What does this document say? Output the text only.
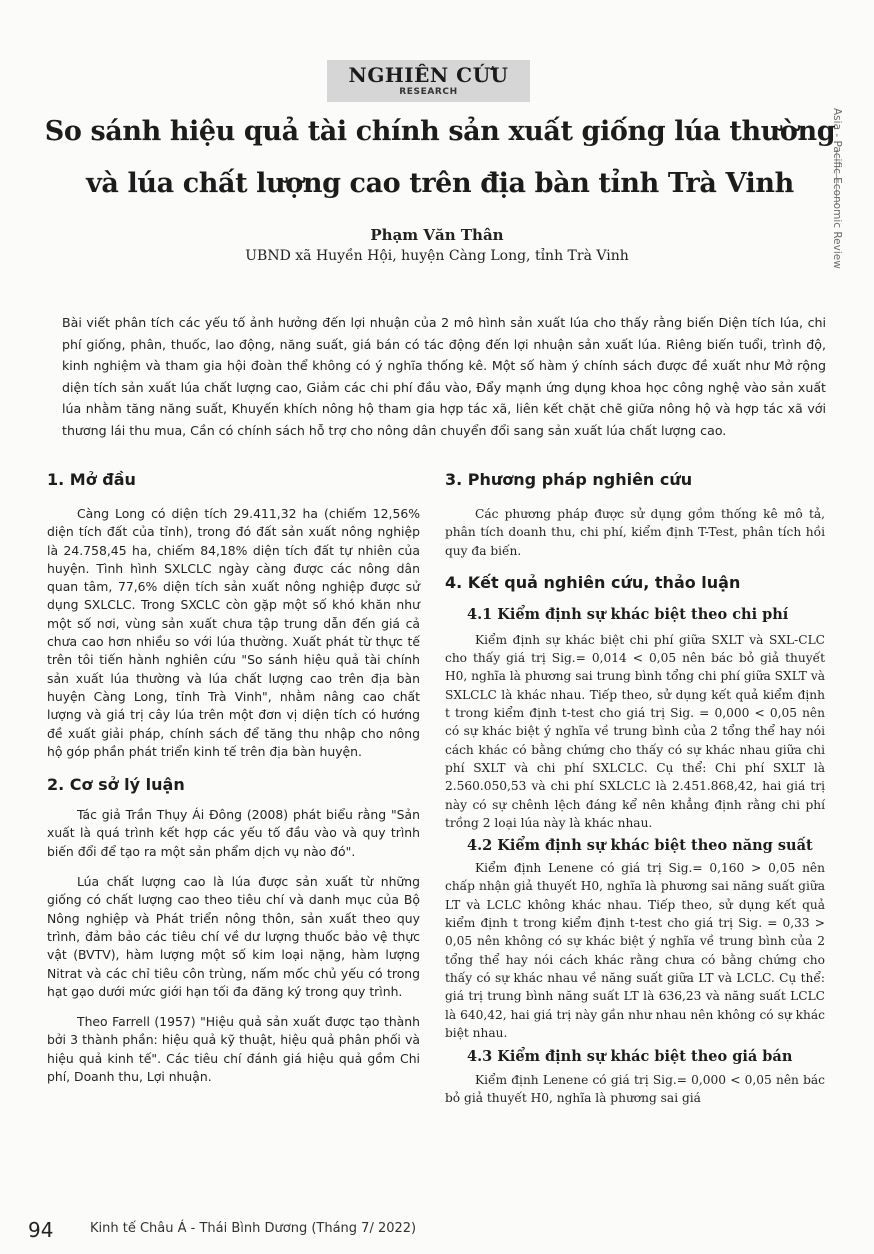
NGHIÊN CỨU
RESEARCH
Asia - Pacific Economic Review
So sánh hiệu quả tài chính sản xuất giống lúa thường
và lúa chất lượng cao trên địa bàn tỉnh Trà Vinh
Phạm Văn Thân
UBND xã Huyền Hội, huyện Càng Long, tỉnh Trà Vinh

Bài viết phân tích các yếu tố ảnh hưởng đến lợi nhuận của 2 mô hình sản xuất lúa cho thấy rằng biến Diện tích lúa, chi phí giống, phân, thuốc, lao động, năng suất, giá bán có tác động đến lợi nhuận sản xuất lúa. Riêng biến tuổi, trình độ, kinh nghiệm và tham gia hội đoàn thể không có ý nghĩa thống kê. Một số hàm ý chính sách được đề xuất như Mở rộng diện tích sản xuất lúa chất lượng cao, Giảm các chi phí đầu vào, Đẩy mạnh ứng dụng khoa học công nghệ vào sản xuất lúa nhằm tăng năng suất, Khuyến khích nông hộ tham gia hợp tác xã, liên kết chặt chẽ giữa nông hộ và hợp tác xã với thương lái thu mua, Cần có chính sách hỗ trợ cho nông dân chuyển đổi sang sản xuất lúa chất lượng cao.

1. Mở đầu

Càng Long có diện tích 29.411,32 ha (chiếm 12,56% diện tích đất của tỉnh), trong đó đất sản xuất nông nghiệp là 24.758,45 ha, chiếm 84,18% diện tích đất tự nhiên của huyện. Tình hình SXLCLC ngày càng được các nông dân quan tâm, 77,6% diện tích sản xuất nông nghiệp được sử dụng SXLCLC. Trong SXCLC còn gặp một số khó khăn như một số nơi, vùng sản xuất chưa tập trung dẫn đến giá cả chưa cao hơn nhiều so với lúa thường. Xuất phát từ thực tế trên tôi tiến hành nghiên cứu "So sánh hiệu quả tài chính sản xuất lúa thường và lúa chất lượng cao trên địa bàn huyện Càng Long, tỉnh Trà Vinh", nhằm nâng cao chất lượng và giá trị cây lúa trên một đơn vị diện tích có hướng đề xuất giải pháp, chính sách để tăng thu nhập cho nông hộ góp phần phát triển kinh tế trên địa bàn huyện.

2. Cơ sở lý luận

Tác giả Trần Thụy Ái Đông (2008) phát biểu rằng "Sản xuất là quá trình kết hợp các yếu tố đầu vào và quy trình biến đổi để tạo ra một sản phẩm dịch vụ nào đó".

Lúa chất lượng cao là lúa được sản xuất từ những giống có chất lượng cao theo tiêu chí và danh mục của Bộ Nông nghiệp và Phát triển nông thôn, sản xuất theo quy trình, đảm bảo các tiêu chí về dư lượng thuốc bảo vệ thực vật (BVTV), hàm lượng một số kim loại nặng, hàm lượng Nitrat và các chỉ tiêu côn trùng, nấm mốc chủ yếu có trong hạt gạo dưới mức giới hạn tối đa đăng ký trong quy trình.

Theo Farrell (1957) "Hiệu quả sản xuất được tạo thành bởi 3 thành phần: hiệu quả kỹ thuật, hiệu quả phân phối và hiệu quả kinh tế". Các tiêu chí đánh giá hiệu quả gồm Chi phí, Doanh thu, Lợi nhuận.

3. Phương pháp nghiên cứu

Các phương pháp được sử dụng gồm thống kê mô tả, phân tích doanh thu, chi phí, kiểm định T-Test, phân tích hồi quy đa biến.

4. Kết quả nghiên cứu, thảo luận
4.1 Kiểm định sự khác biệt theo chi phí

Kiểm định sự khác biệt chi phí giữa SXLT và SXL-CLC cho thấy giá trị Sig.= 0,014 < 0,05 nên bác bỏ giả thuyết H0, nghĩa là phương sai trung bình tổng chi phí giữa SXLT và SXLCLC là khác nhau. Tiếp theo, sử dụng kết quả kiểm định t trong kiểm định t-test cho giá trị Sig. = 0,000 < 0,05 nên có sự khác biệt ý nghĩa về trung bình của 2 tổng thể hay nói cách khác có bằng chứng cho thấy có sự khác nhau giữa chi phí SXLT và chi phí SXLCLC. Cụ thể: Chi phí SXLT là 2.560.050,53 và chi phí SXLCLC là 2.451.868,42, hai giá trị này có sự chênh lệch đáng kể nên khẳng định rằng chi phí trồng 2 loại lúa này là khác nhau.

4.2 Kiểm định sự khác biệt theo năng suất

Kiểm định Lenene có giá trị Sig.= 0,160 > 0,05 nên chấp nhận giả thuyết H0, nghĩa là phương sai năng suất giữa LT và LCLC không khác nhau. Tiếp theo, sử dụng kết quả kiểm định t trong kiểm định t-test cho giá trị Sig. = 0,33 > 0,05 nên không có sự khác biệt ý nghĩa về trung bình của 2 tổng thể hay nói cách khác rằng chưa có bằng chứng cho thấy có sự khác nhau về năng suất giữa LT và LCLC. Cụ thể: giá trị trung bình năng suất LT là 636,23 và năng suất LCLC là 640,42, hai giá trị này gần như nhau nên không có sự khác biệt nhau.

4.3 Kiểm định sự khác biệt theo giá bán

Kiểm định Lenene có giá trị Sig.= 0,000 < 0,05 nên bác bỏ giả thuyết H0, nghĩa là phương sai giá

94	Kinh tế Châu Á - Thái Bình Dương (Tháng 7/ 2022)
